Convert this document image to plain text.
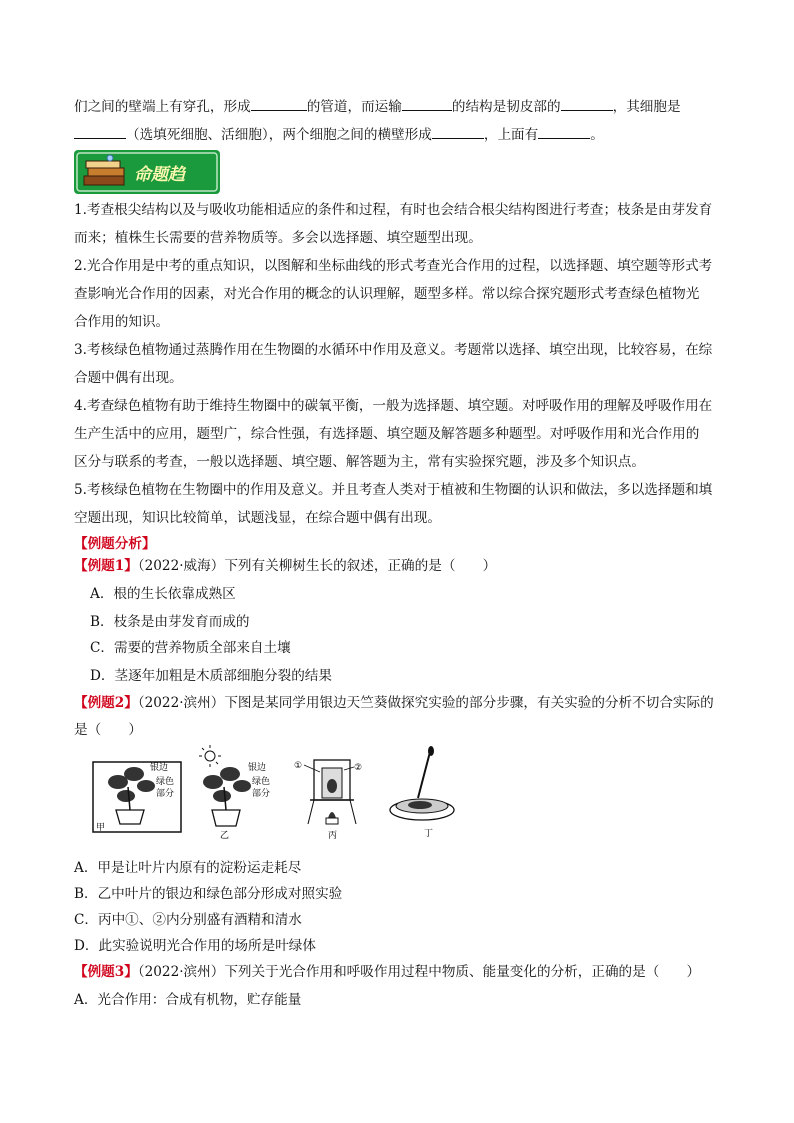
们之间的壁端上有穿孔，形成	的管道，而运输	的结构是韧皮部的	，其细胞是
（选填死细胞、活细胞），两个细胞之间的横壁形成	，上面有	。
命题趋
1.考查根尖结构以及与吸收功能相适应的条件和过程，有时也会结合根尖结构图进行考查；枝条是由芽发育
而来；植株生长需要的营养物质等。多会以选择题、填空题型出现。
2.光合作用是中考的重点知识，以图解和坐标曲线的形式考查光合作用的过程，以选择题、填空题等形式考
查影响光合作用的因素，对光合作用的概念的认识理解，题型多样。常以综合探究题形式考查绿色植物光
合作用的知识。
3.考核绿色植物通过蒸腾作用在生物圈的水循环中作用及意义。考题常以选择、填空出现，比较容易，在综
合题中偶有出现。
4.考查绿色植物有助于维持生物圈中的碳氧平衡，一般为选择题、填空题。对呼吸作用的理解及呼吸作用在
生产生活中的应用，题型广，综合性强，有选择题、填空题及解答题多种题型。对呼吸作用和光合作用的
区分与联系的考查，一般以选择题、填空题、解答题为主，常有实验探究题，涉及多个知识点。
5.考核绿色植物在生物圈中的作用及意义。并且考查人类对于植被和生物圈的认识和做法，多以选择题和填
空题出现，知识比较简单，试题浅显，在综合题中偶有出现。
【例题分析】
【例题1】（2022·威海）下列有关柳树生长的叙述，正确的是（　　）
A．根的生长依靠成熟区
B．枝条是由芽发育而成的
C．需要的营养物质全部来自土壤
D．茎逐年加粗是木质部细胞分裂的结果
【例题2】（2022·滨州）下图是某同学用银边天竺葵做探究实验的部分步骤，有关实验的分析不切合实际的
是（　　）
银边
绿色
部分
甲
银边
绿色
部分
乙
①	②
丙	丁
A．甲是让叶片内原有的淀粉运走耗尽
B．乙中叶片的银边和绿色部分形成对照实验
C．丙中①、②内分别盛有酒精和清水
D．此实验说明光合作用的场所是叶绿体
【例题3】（2022·滨州）下列关于光合作用和呼吸作用过程中物质、能量变化的分析，正确的是（　　）
A．光合作用：合成有机物，贮存能量
